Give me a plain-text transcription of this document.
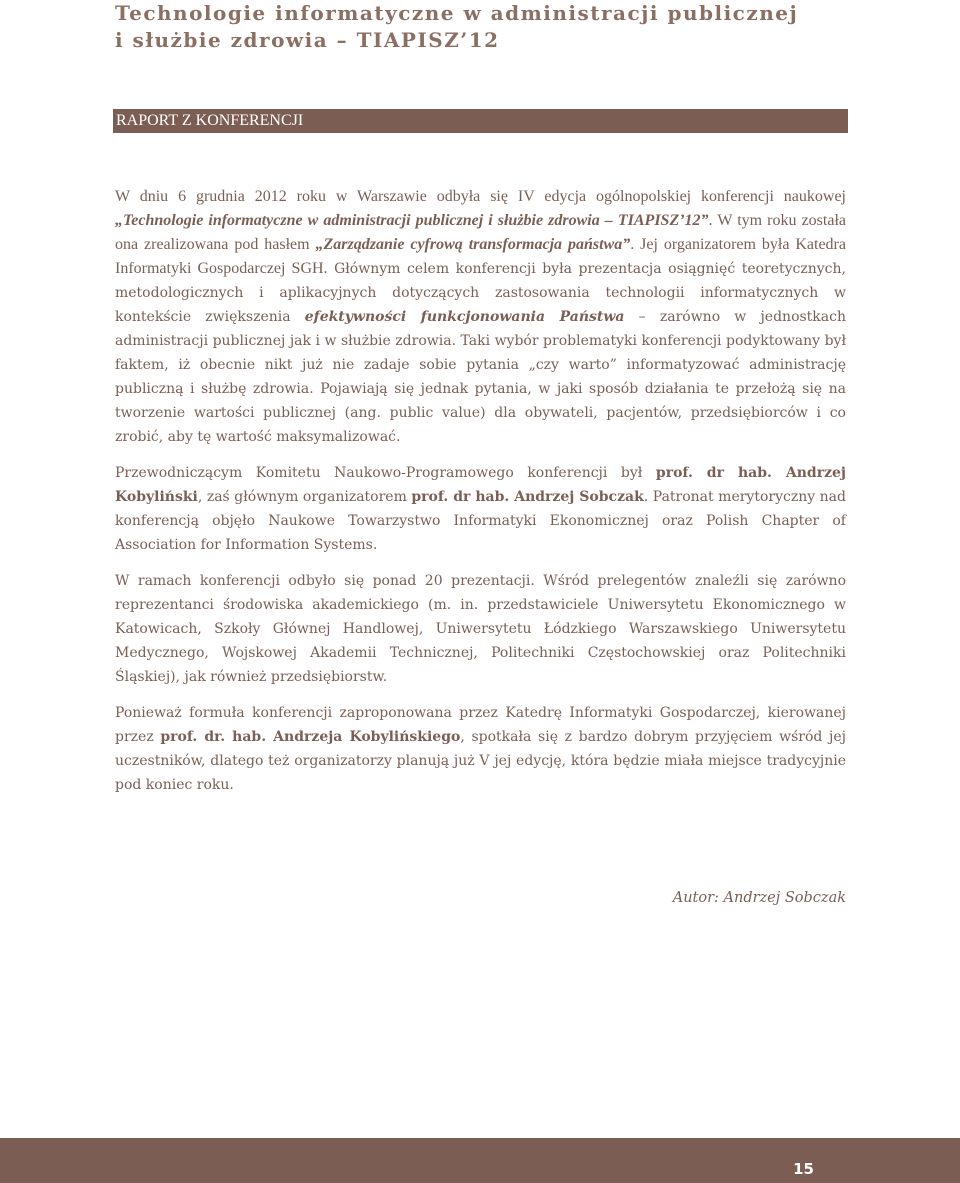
Technologie informatyczne w administracji publicznej
i służbie zdrowia – TIAPISZ’12
RAPORT Z KONFERENCJI

W dniu 6 grudnia 2012 roku w Warszawie odbyła się IV edycja ogólnopolskiej konferencji naukowej „Technologie informatyczne w administracji publicznej i służbie zdrowia – TIAPISZ’12”. W tym roku została ona zrealizowana pod hasłem „Zarządzanie cyfrową transformacja państwa”. Jej organizatorem była Katedra Informatyki Gospodarczej SGH. Głównym celem konferencji była prezentacja osiągnięć teoretycznych, metodologicznych i aplikacyjnych dotyczących zastosowania technologii informatycznych w kontekście zwiększenia efektywności funkcjonowania Państwa – zarówno w jednostkach administracji publicznej jak i w służbie zdrowia. Taki wybór problematyki konferencji podyktowany był faktem, iż obecnie nikt już nie zadaje sobie pytania „czy warto” informatyzować administrację publiczną i służbę zdrowia. Pojawiają się jednak pytania, w jaki sposób działania te przełożą się na tworzenie wartości publicznej (ang. public value) dla obywateli, pacjentów, przedsiębiorców i co zrobić, aby tę wartość maksymalizować.

Przewodniczącym Komitetu Naukowo-Programowego konferencji był prof. dr hab. Andrzej Kobyliński, zaś głównym organizatorem prof. dr hab. Andrzej Sobczak. Patronat merytoryczny nad konferencją objęło Naukowe Towarzystwo Informatyki Ekonomicznej oraz Polish Chapter of Association for Information Systems.

W ramach konferencji odbyło się ponad 20 prezentacji. Wśród prelegentów znaleźli się zarówno reprezentanci środowiska akademickiego (m. in. przedstawiciele Uniwersytetu Ekonomicznego w Katowicach, Szkoły Głównej Handlowej, Uniwersytetu Łódzkiego Warszawskiego Uniwersytetu Medycznego, Wojskowej Akademii Technicznej, Politechniki Częstochowskiej oraz Politechniki Śląskiej), jak również przedsiębiorstw.

Ponieważ formuła konferencji zaproponowana przez Katedrę Informatyki Gospodarczej, kierowanej przez prof. dr. hab. Andrzeja Kobylińskiego, spotkała się z bardzo dobrym przyjęciem wśród jej uczestników, dlatego też organizatorzy planują już V jej edycję, która będzie miała miejsce tradycyjnie pod koniec roku.

Autor: Andrzej Sobczak
15
